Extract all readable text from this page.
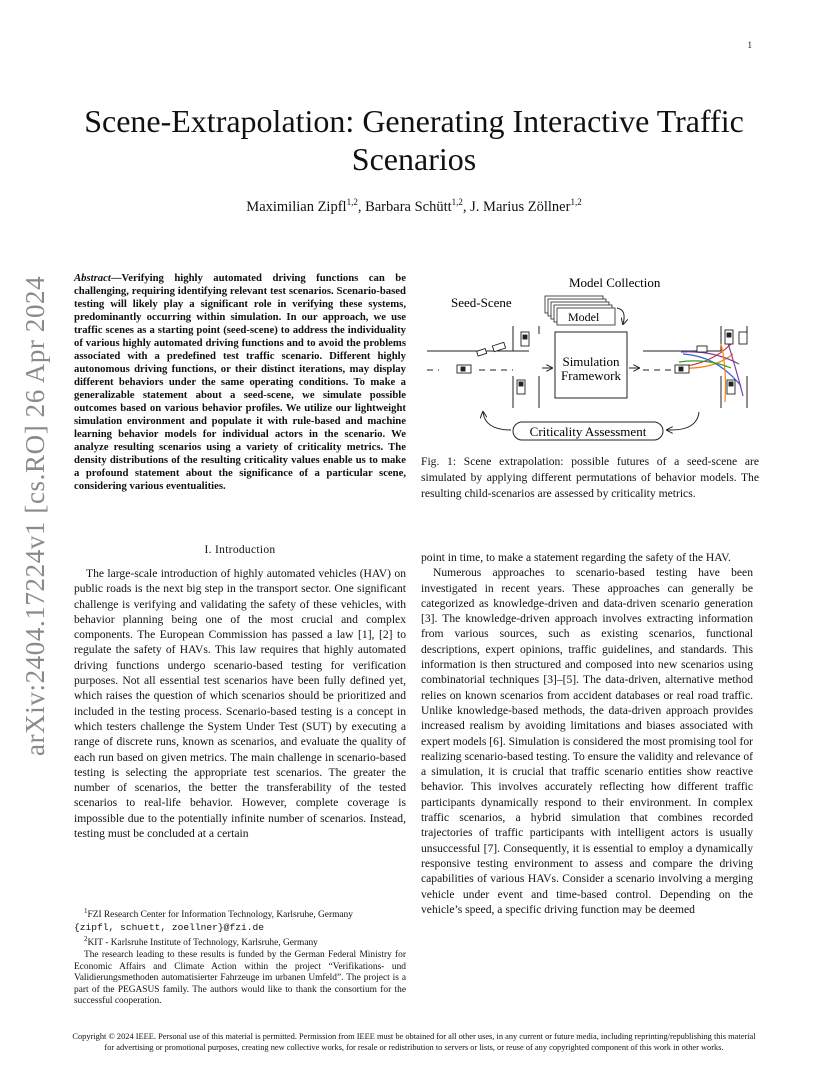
1
arXiv:2404.17224v1 [cs.RO] 26 Apr 2024
Scene-Extrapolation: Generating Interactive Traffic Scenarios
Maximilian Zipfl$^{1,2}$, Barbara Schütt$^{1,2}$, J. Marius Zöllner$^{1,2}$
Abstract—Verifying highly automated driving functions can be challenging, requiring identifying relevant test scenarios. Scenario-based testing will likely play a significant role in verifying these systems, predominantly occurring within simulation. In our approach, we use traffic scenes as a starting point (seed-scene) to address the individuality of various highly automated driving functions and to avoid the problems associated with a predefined test traffic scenario. Different highly autonomous driving functions, or their distinct iterations, may display different behaviors under the same operating conditions. To make a generalizable statement about a seed-scene, we simulate possible outcomes based on various behavior profiles. We utilize our lightweight simulation environment and populate it with rule-based and machine learning behavior models for individual actors in the scenario. We analyze resulting scenarios using a variety of criticality metrics. The density distributions of the resulting criticality values enable us to make a profound statement about the significance of a particular scene, considering various eventualities.
I. Introduction

The large-scale introduction of highly automated vehicles (HAV) on public roads is the next big step in the transport sector. One significant challenge is verifying and validating the safety of these vehicles, with behavior planning being one of the most crucial and complex components. The European Commission has passed a law [1], [2] to regulate the safety of HAVs. This law requires that highly automated driving functions undergo scenario-based testing for verification purposes. Not all essential test scenarios have been fully defined yet, which raises the question of which scenarios should be prioritized and included in the testing process. Scenario-based testing is a concept in which testers challenge the System Under Test (SUT) by executing a range of discrete runs, known as scenarios, and evaluate the quality of each run based on given metrics. The main challenge in scenario-based testing is selecting the appropriate test scenarios. The greater the number of scenarios, the better the transferability of the tested scenarios to real-life behavior. However, complete coverage is impossible due to the potentially infinite number of scenarios. Instead, testing must be concluded at a certain

$^1$FZI Research Center for Information Technology, Karlsruhe, Germany
{zipfl, schuett, zoellner}@fzi.de

$^2$KIT - Karlsruhe Institute of Technology, Karlsruhe, Germany

The research leading to these results is funded by the German Federal Ministry for Economic Affairs and Climate Action within the project “Verifikations- und Validierungsmethoden automatisierter Fahrzeuge im urbanen Umfeld”. The project is a part of the PEGASUS family. The authors would like to thank the consortium for the successful cooperation.

Model Collection
Model
Seed-Scene
Simulation
Framework
Criticality Assessment
Fig. 1: Scene extrapolation: possible futures of a seed-scene are simulated by applying different permutations of behavior models. The resulting child-scenarios are assessed by criticality metrics.

point in time, to make a statement regarding the safety of the HAV.

Numerous approaches to scenario-based testing have been investigated in recent years. These approaches can generally be categorized as knowledge-driven and data-driven scenario generation [3]. The knowledge-driven approach involves extracting information from various sources, such as existing scenarios, functional descriptions, expert opinions, traffic guidelines, and standards. This information is then structured and composed into new scenarios using combinatorial techniques [3]–[5]. The data-driven, alternative method relies on known scenarios from accident databases or real road traffic. Unlike knowledge-based methods, the data-driven approach provides increased realism by avoiding limitations and biases associated with expert models [6]. Simulation is considered the most promising tool for realizing scenario-based testing. To ensure the validity and relevance of a simulation, it is crucial that traffic scenario entities show reactive behavior. This involves accurately reflecting how different traffic participants dynamically respond to their environment. In complex traffic scenarios, a hybrid simulation that combines recorded trajectories of traffic participants with intelligent actors is usually unsuccessful [7]. Consequently, it is essential to employ a dynamically responsive testing environment to assess and compare the driving capabilities of various HAVs. Consider a scenario involving a merging vehicle under event and time-based control. Depending on the vehicle’s speed, a specific driving function may be deemed

Copyright © 2024 IEEE. Personal use of this material is permitted. Permission from IEEE must be obtained for all other uses, in any current or future media, including reprinting/republishing this material for advertising or promotional purposes, creating new collective works, for resale or redistribution to servers or lists, or reuse of any copyrighted component of this work in other works.
